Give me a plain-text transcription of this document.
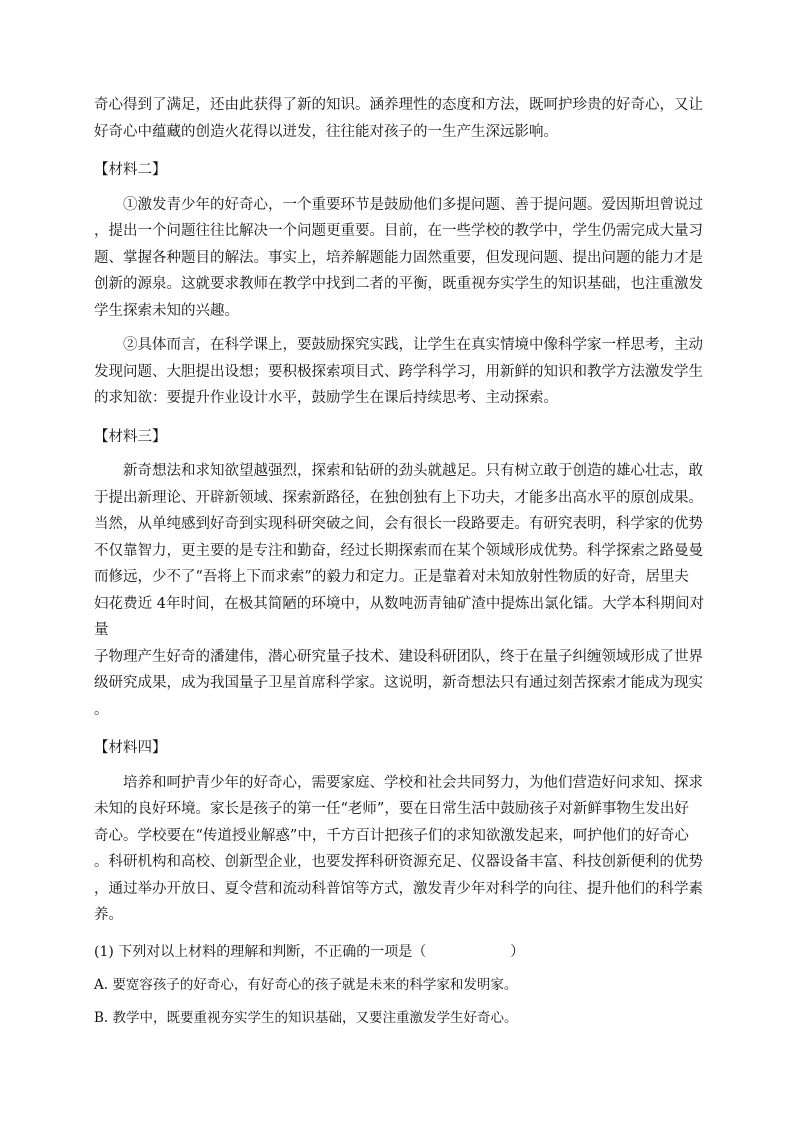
奇心得到了满足，还由此获得了新的知识。涵养理性的态度和方法，既呵护珍贵的好奇心，又让

好奇心中蕴藏的创造火花得以迸发，往往能对孩子的一生产生深远影响。

【材料二】

①激发青少年的好奇心，一个重要环节是鼓励他们多提问题、善于提问题。爱因斯坦曾说过

，提出一个问题往往比解决一个问题更重要。目前，在一些学校的教学中，学生仍需完成大量习

题、掌握各种题目的解法。事实上，培养解题能力固然重要，但发现问题、提出问题的能力才是

创新的源泉。这就要求教师在教学中找到二者的平衡，既重视夯实学生的知识基础，也注重激发

学生探索未知的兴趣。

②具体而言，在科学课上，要鼓励探究实践，让学生在真实情境中像科学家一样思考，主动

发现问题、大胆提出设想；要积极探索项目式、跨学科学习，用新鲜的知识和教学方法激发学生

的求知欲：要提升作业设计水平，鼓励学生在课后持续思考、主动探索。

【材料三】

新奇想法和求知欲望越强烈，探索和钻研的劲头就越足。只有树立敢于创造的雄心壮志，敢

于提出新理论、开辟新领域、探索新路径，在独创独有上下功夫，才能多出高水平的原创成果。

当然，从单纯感到好奇到实现科研突破之间，会有很长一段路要走。有研究表明，科学家的优势

不仅靠智力，更主要的是专注和勤奋，经过长期探索而在某个领域形成优势。科学探索之路曼曼

而修远，少不了“吾将上下而求索”的毅力和定力。正是靠着对未知放射性物质的好奇，居里夫

妇花费近 4年时间，在极其简陋的环境中，从数吨沥青铀矿渣中提炼出氯化镭。大学本科期间对量

子物理产生好奇的潘建伟，潜心研究量子技术、建设科研团队，终于在量子纠缠领域形成了世界

级研究成果，成为我国量子卫星首席科学家。这说明，新奇想法只有通过刻苦探索才能成为现实

。

【材料四】

培养和呵护青少年的好奇心，需要家庭、学校和社会共同努力，为他们营造好问求知、探求

未知的良好环境。家长是孩子的第一任“老师”，要在日常生活中鼓励孩子对新鲜事物生发出好

奇心。学校要在“传道授业解惑”中，千方百计把孩子们的求知欲激发起来，呵护他们的好奇心

。科研机构和高校、创新型企业，也要发挥科研资源充足、仪器设备丰富、科技创新便利的优势

，通过举办开放日、夏令营和流动科普馆等方式，激发青少年对科学的向往、提升他们的科学素

养。

(1) 下列对以上材料的理解和判断，不正确的一项是（　　　　　　）

A. 要宽容孩子的好奇心，有好奇心的孩子就是未来的科学家和发明家。

B. 教学中，既要重视夯实学生的知识基础，又要注重激发学生好奇心。
